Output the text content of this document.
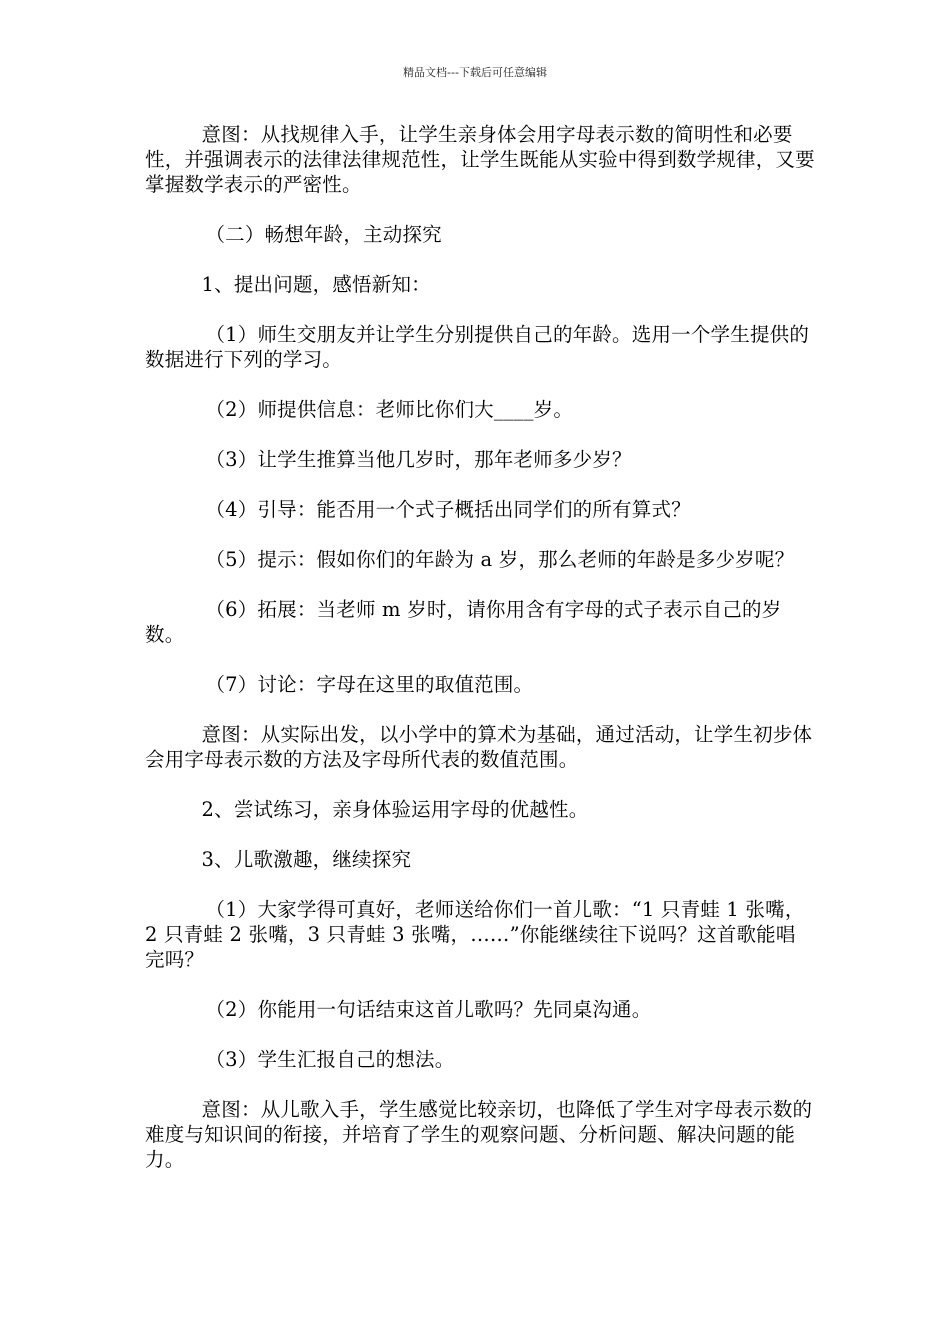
精品文档---下载后可任意编辑

意图：从找规律入手，让学生亲身体会用字母表示数的简明性和必要性，并强调表示的法律法律规范性，让学生既能从实验中得到数学规律，又要掌握数学表示的严密性。

（二）畅想年龄，主动探究

1、提出问题，感悟新知：

（1）师生交朋友并让学生分别提供自己的年龄。选用一个学生提供的数据进行下列的学习。

（2）师提供信息：老师比你们大____岁。

（3）让学生推算当他几岁时，那年老师多少岁？

（4）引导：能否用一个式子概括出同学们的所有算式？

（5）提示：假如你们的年龄为 a 岁，那么老师的年龄是多少岁呢？

（6）拓展：当老师 m 岁时，请你用含有字母的式子表示自己的岁数。

（7）讨论：字母在这里的取值范围。

意图：从实际出发，以小学中的算术为基础，通过活动，让学生初步体会用字母表示数的方法及字母所代表的数值范围。

2、尝试练习，亲身体验运用字母的优越性。

3、儿歌激趣，继续探究

（1）大家学得可真好，老师送给你们一首儿歌：“1 只青蛙 1 张嘴，2 只青蛙 2 张嘴，3 只青蛙 3 张嘴，……”你能继续往下说吗？这首歌能唱完吗？

（2）你能用一句话结束这首儿歌吗？先同桌沟通。

（3）学生汇报自己的想法。

意图：从儿歌入手，学生感觉比较亲切，也降低了学生对字母表示数的难度与知识间的衔接，并培育了学生的观察问题、分析问题、解决问题的能力。
